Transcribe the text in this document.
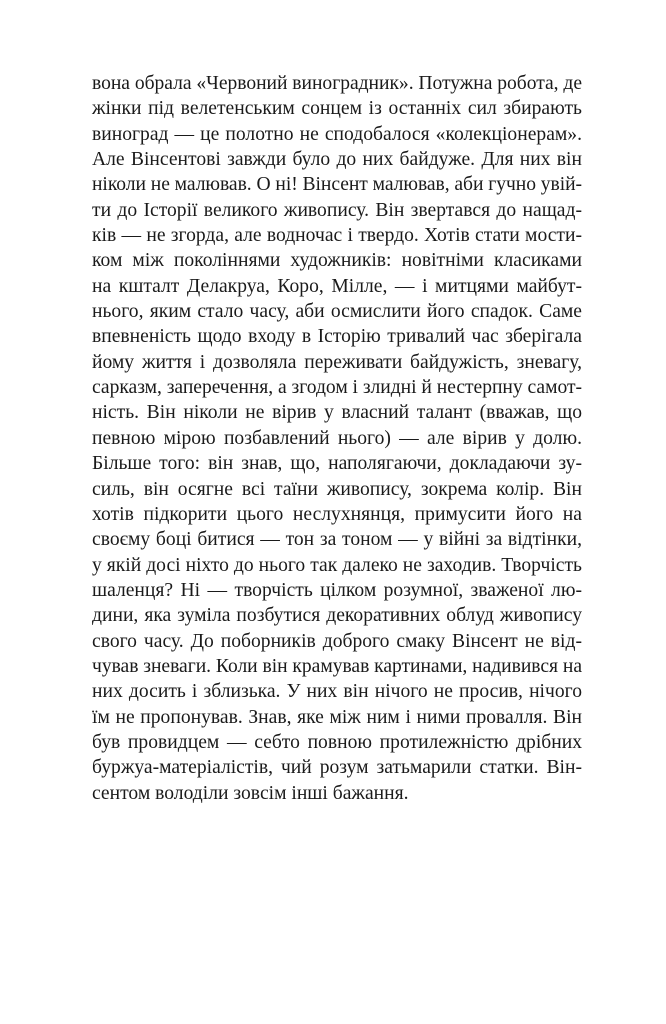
вона обрала «Червоний виноградник». Потужна робота, де
жінки під велетенським сонцем із останніх сил збирають
виноград — це полотно не сподобалося «колекціонерам».
Але Вінсентові завжди було до них байдуже. Для них він
ніколи не малював. О ні! Вінсент малював, аби гучно увій-
ти до Історії великого живопису. Він звертався до нащад-
ків — не згорда, але водночас і твердо. Хотів стати мости-
ком між поколіннями художників: новітніми класиками
на кшталт Делакруа, Коро, Мілле, — і митцями майбут-
нього, яким стало часу, аби осмислити його спадок. Саме
впевненість щодо входу в Історію тривалий час зберігала
йому життя і дозволяла переживати байдужість, зневагу,
сарказм, заперечення, а згодом і злидні й нестерпну самот-
ність. Він ніколи не вірив у власний талант (вважав, що
певною мірою позбавлений нього) — але вірив у долю.
Більше того: він знав, що, наполягаючи, докладаючи зу-
силь, він осягне всі таїни живопису, зокрема колір. Він
хотів підкорити цього неслухнянця, примусити його на
своєму боці битися — тон за тоном — у війні за відтінки,
у якій досі ніхто до нього так далеко не заходив. Творчість
шаленця? Ні — творчість цілком розумної, зваженої лю-
дини, яка зуміла позбутися декоративних облуд живопису
свого часу. До поборників доброго смаку Вінсент не від-
чував зневаги. Коли він крамував картинами, надивився на
них досить і зблизька. У них він нічого не просив, нічого
їм не пропонував. Знав, яке між ним і ними провалля. Він
був провидцем — себто повною протилежністю дрібних
буржуа-матеріалістів, чий розум затьмарили статки. Він-
сентом володіли зовсім інші бажання.
